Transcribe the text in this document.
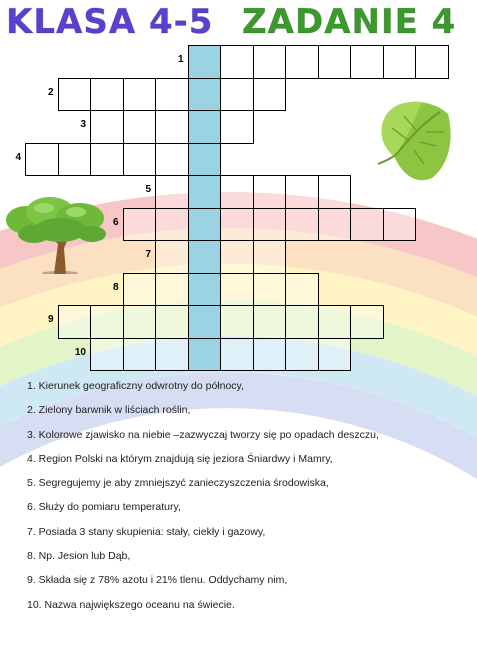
KLASA 4-5 ZADANIE 4
1
2
3
4
5
6
7
8
9
10
1. Kierunek geograficzny odwrotny do północy,
2. Zielony barwnik w liściach roślin,
3. Kolorowe zjawisko na niebie –zazwyczaj tworzy się po opadach deszczu,
4. Region Polski na którym znajdują się jeziora Śniardwy i Mamry,
5. Segregujemy je aby zmniejszyć zanieczyszczenia środowiska,
6. Służy do pomiaru temperatury,
7. Posiada 3 stany skupienia: stały, ciekły i gazowy,
8. Np. Jesion lub Dąb,
9. Składa się z 78% azotu i 21% tlenu. Oddychamy nim,
10. Nazwa największego oceanu na świecie.
